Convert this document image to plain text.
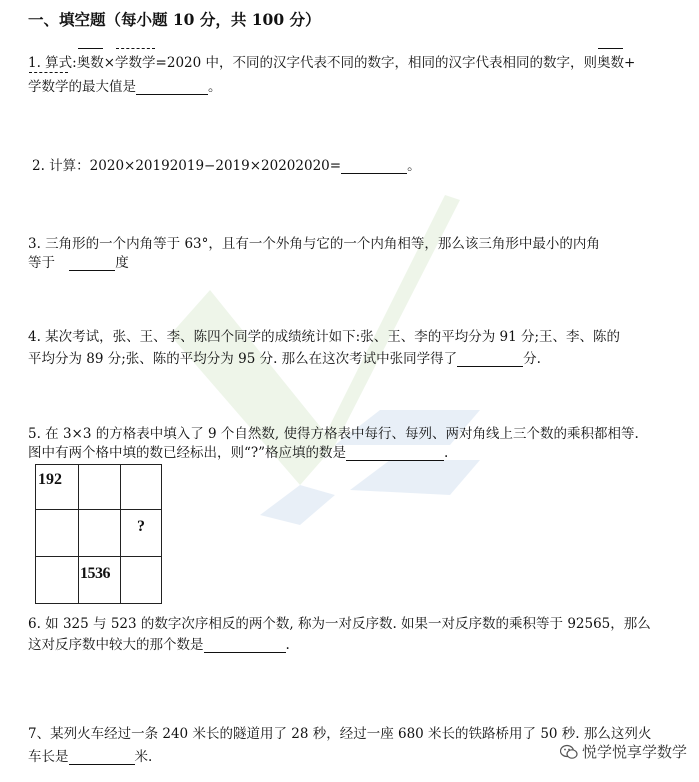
一、填空题（每小题 10 分，共 100 分）
1. 算式:奥数×学数学=2020 中，不同的汉字代表不同的数字，相同的汉字代表相同的数字，则奥数+
学数学的最大值是	。
2. 计算：2020×20192019−2019×20202020=	。
3. 三角形的一个内角等于 63°，且有一个外角与它的一个内角相等，那么该三角形中最小的内角
等于	度
4. 某次考试，张、王、李、陈四个同学的成绩统计如下:张、王、李的平均分为 91 分;王、李、陈的
平均分为 89 分;张、陈的平均分为 95 分. 那么在这次考试中张同学得了	分.
5. 在 3×3 的方格表中填入了 9 个自然数, 使得方格表中每行、每列、两对角线上三个数的乘积都相等.
图中有两个格中填的数已经标出，则“?”格应填的数是	.
192		
		?
	1536	
6. 如 325 与 523 的数字次序相反的两个数, 称为一对反序数. 如果一对反序数的乘积等于 92565，那么
这对反序数中较大的那个数是	.
7、某列火车经过一条 240 米长的隧道用了 28 秒，经过一座 680 米长的铁路桥用了 50 秒. 那么这列火
车长是	米.	悦学悦享学数学
